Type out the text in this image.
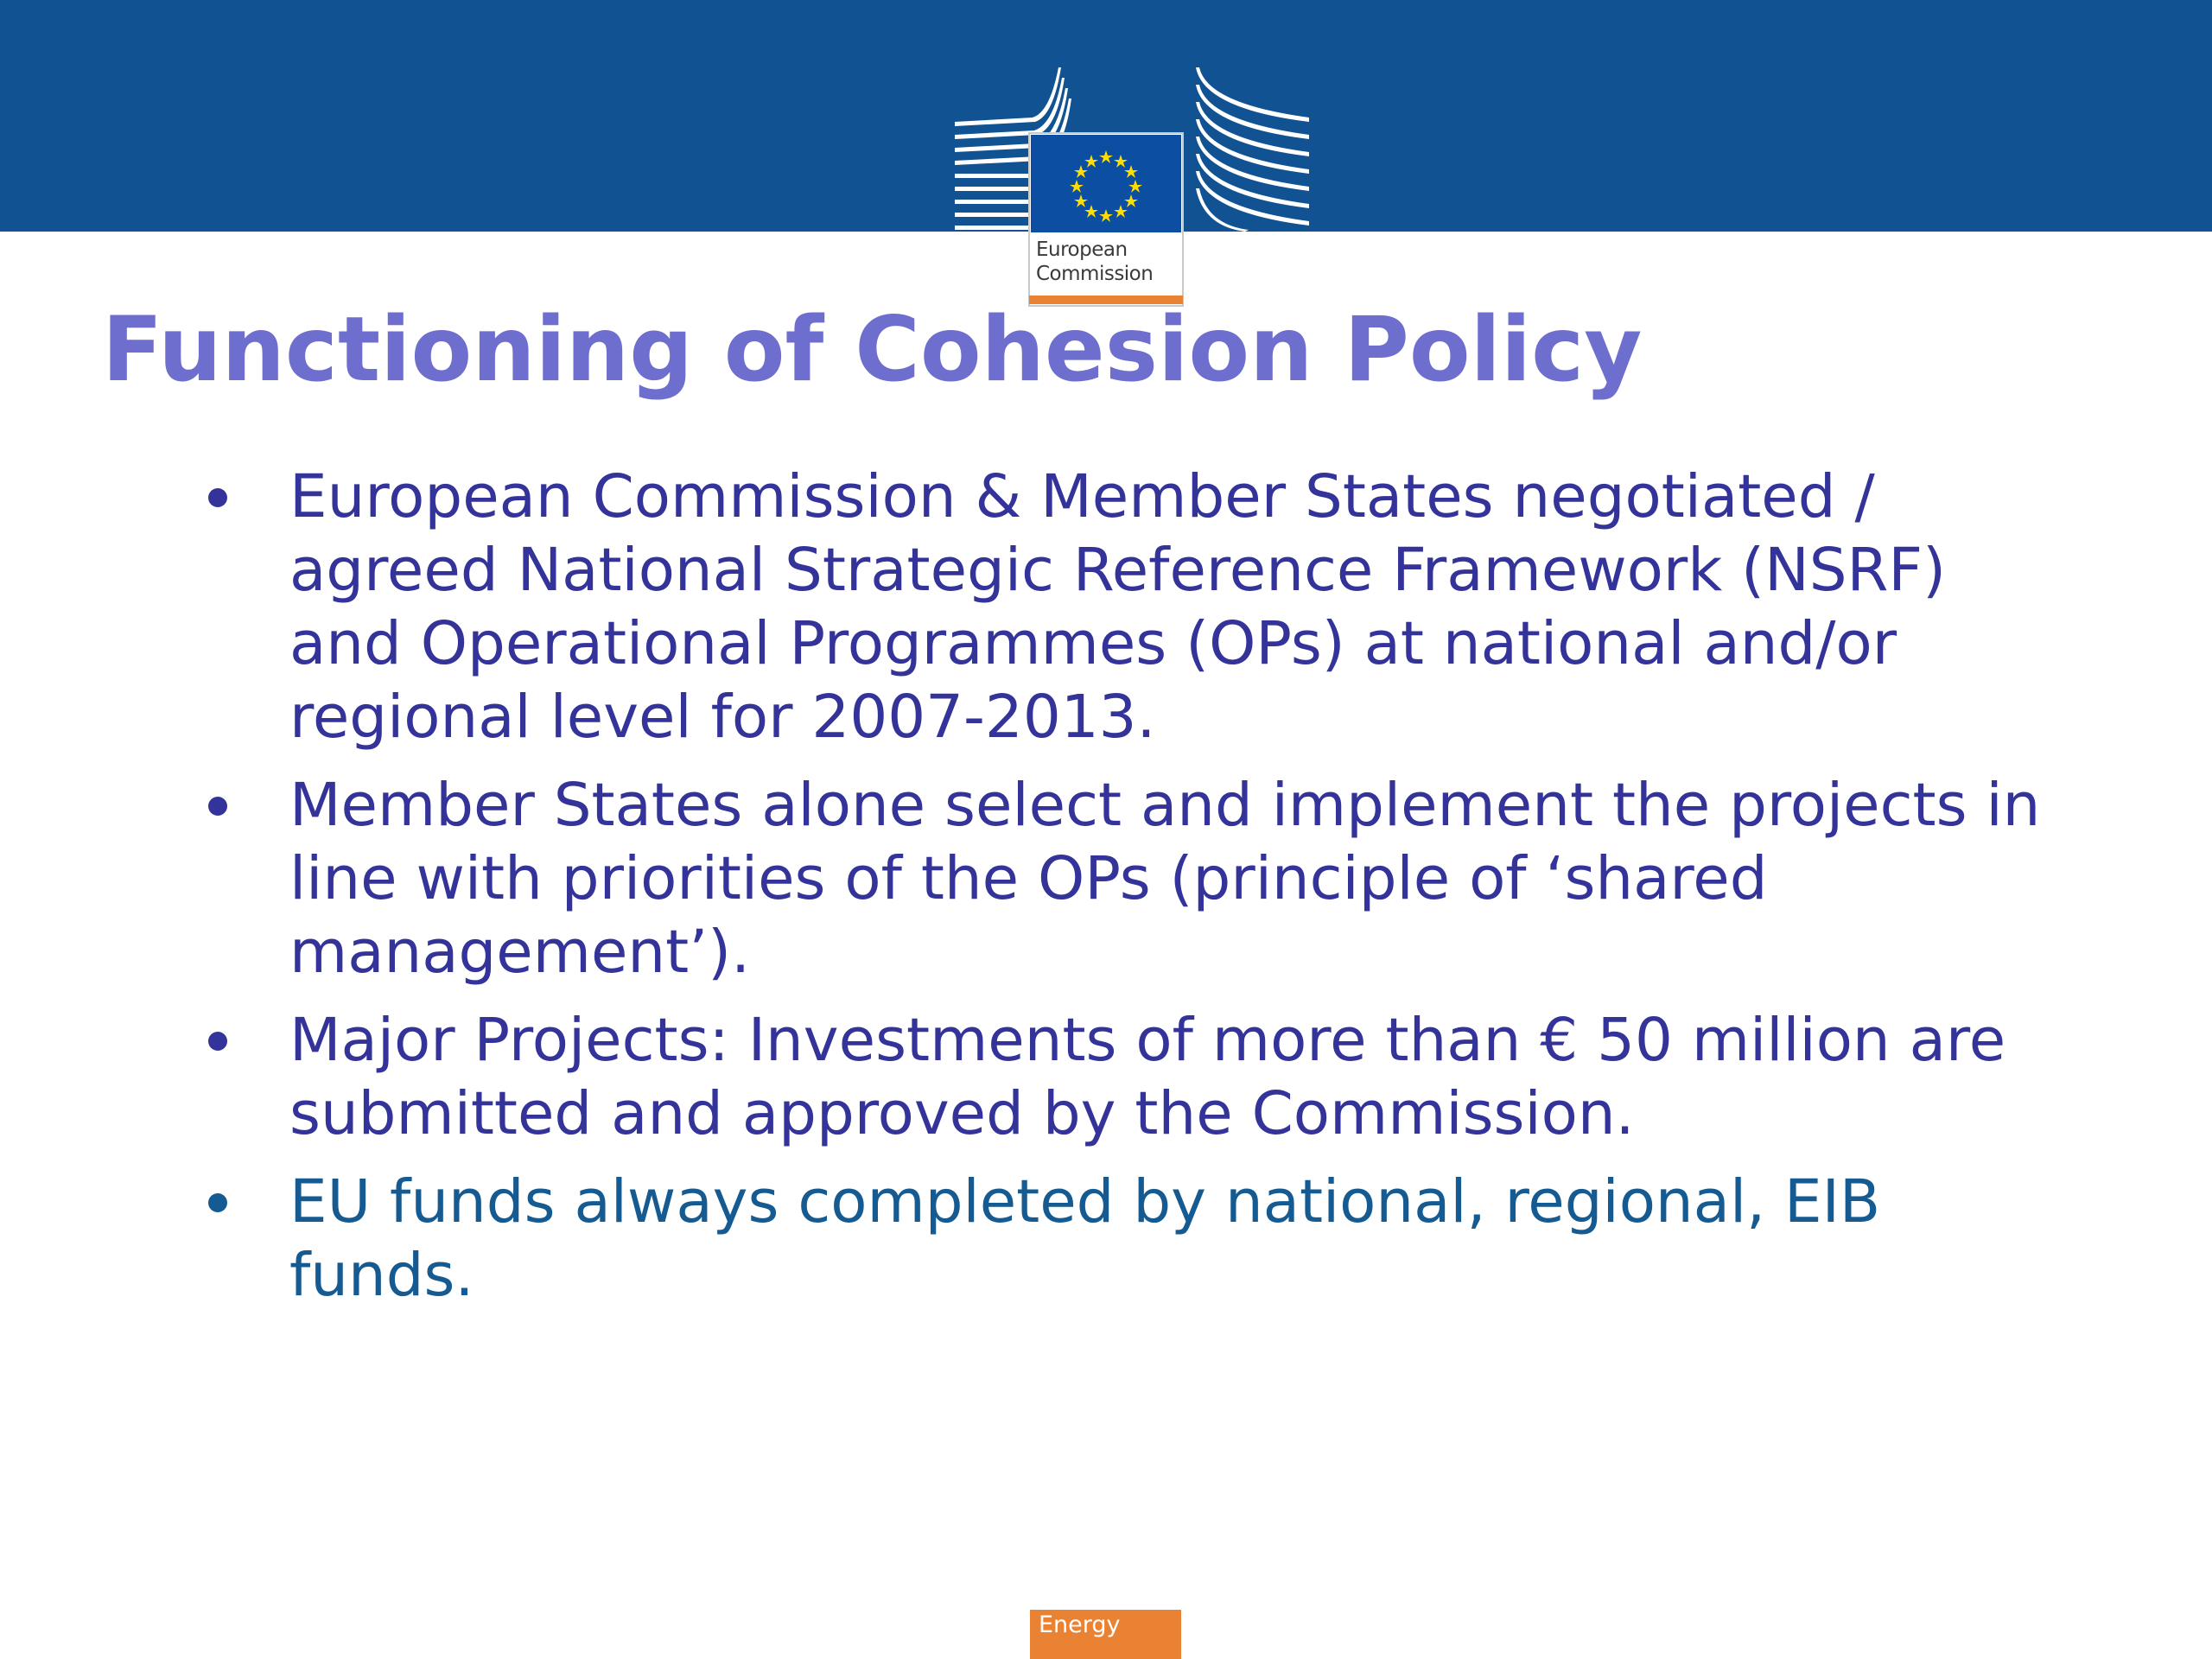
European
Commission
Functioning of Cohesion Policy
European Commission & Member States negotiated / agreed National Strategic Reference Framework (NSRF) and Operational Programmes (OPs) at national and/or regional level for 2007-2013.
Member States alone select and implement the projects in line with priorities of the OPs (principle of ‘shared management’).
Major Projects: Investments of more than € 50 million are submitted and approved by the Commission.
EU funds always completed by national, regional, EIB funds.
Energy
